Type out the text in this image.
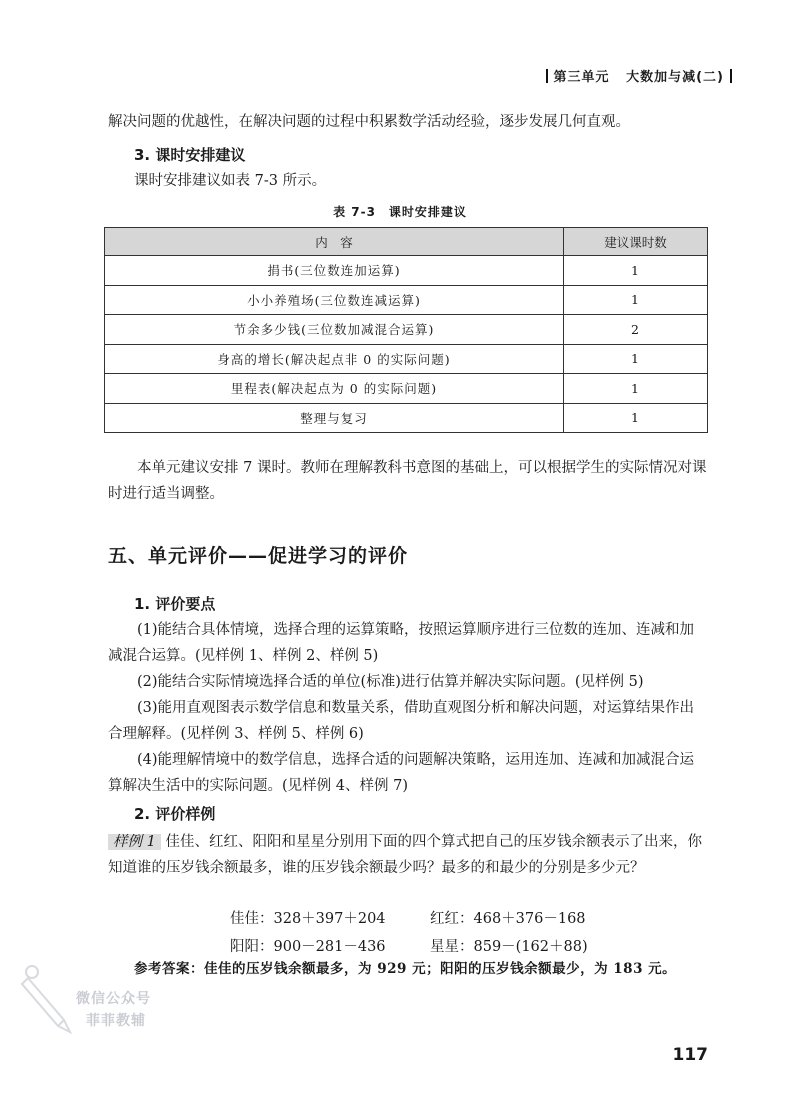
第三单元 大数加与减(二)
解决问题的优越性，在解决问题的过程中积累数学活动经验，逐步发展几何直观。
3. 课时安排建议
课时安排建议如表 7-3 所示。
表 7-3　课时安排建议
内　容	建议课时数
捐书(三位数连加运算)	1
小小养殖场(三位数连减运算)	1
节余多少钱(三位数加减混合运算)	2
身高的增长(解决起点非 0 的实际问题)	1
里程表(解决起点为 0 的实际问题)	1
整理与复习	1
本单元建议安排 7 课时。教师在理解教科书意图的基础上，可以根据学生的实际情况对课时进行适当调整。
五、单元评价——促进学习的评价
1. 评价要点
(1)能结合具体情境，选择合理的运算策略，按照运算顺序进行三位数的连加、连减和加减混合运算。(见样例 1、样例 2、样例 5)
(2)能结合实际情境选择合适的单位(标准)进行估算并解决实际问题。(见样例 5)
(3)能用直观图表示数学信息和数量关系，借助直观图分析和解决问题，对运算结果作出合理解释。(见样例 3、样例 5、样例 6)
(4)能理解情境中的数学信息，选择合适的问题解决策略，运用连加、连减和加减混合运算解决生活中的实际问题。(见样例 4、样例 7)
2. 评价样例
样例 1 佳佳、红红、阳阳和星星分别用下面的四个算式把自己的压岁钱余额表示了出来，你知道谁的压岁钱余额最多，谁的压岁钱余额最少吗？最多的和最少的分别是多少元？
佳佳：328＋397＋204	红红：468＋376－168
阳阳：900－281－436	星星：859－(162＋88)
参考答案：佳佳的压岁钱余额最多，为 929 元；阳阳的压岁钱余额最少，为 183 元。
微信公众号
菲菲教辅
117
